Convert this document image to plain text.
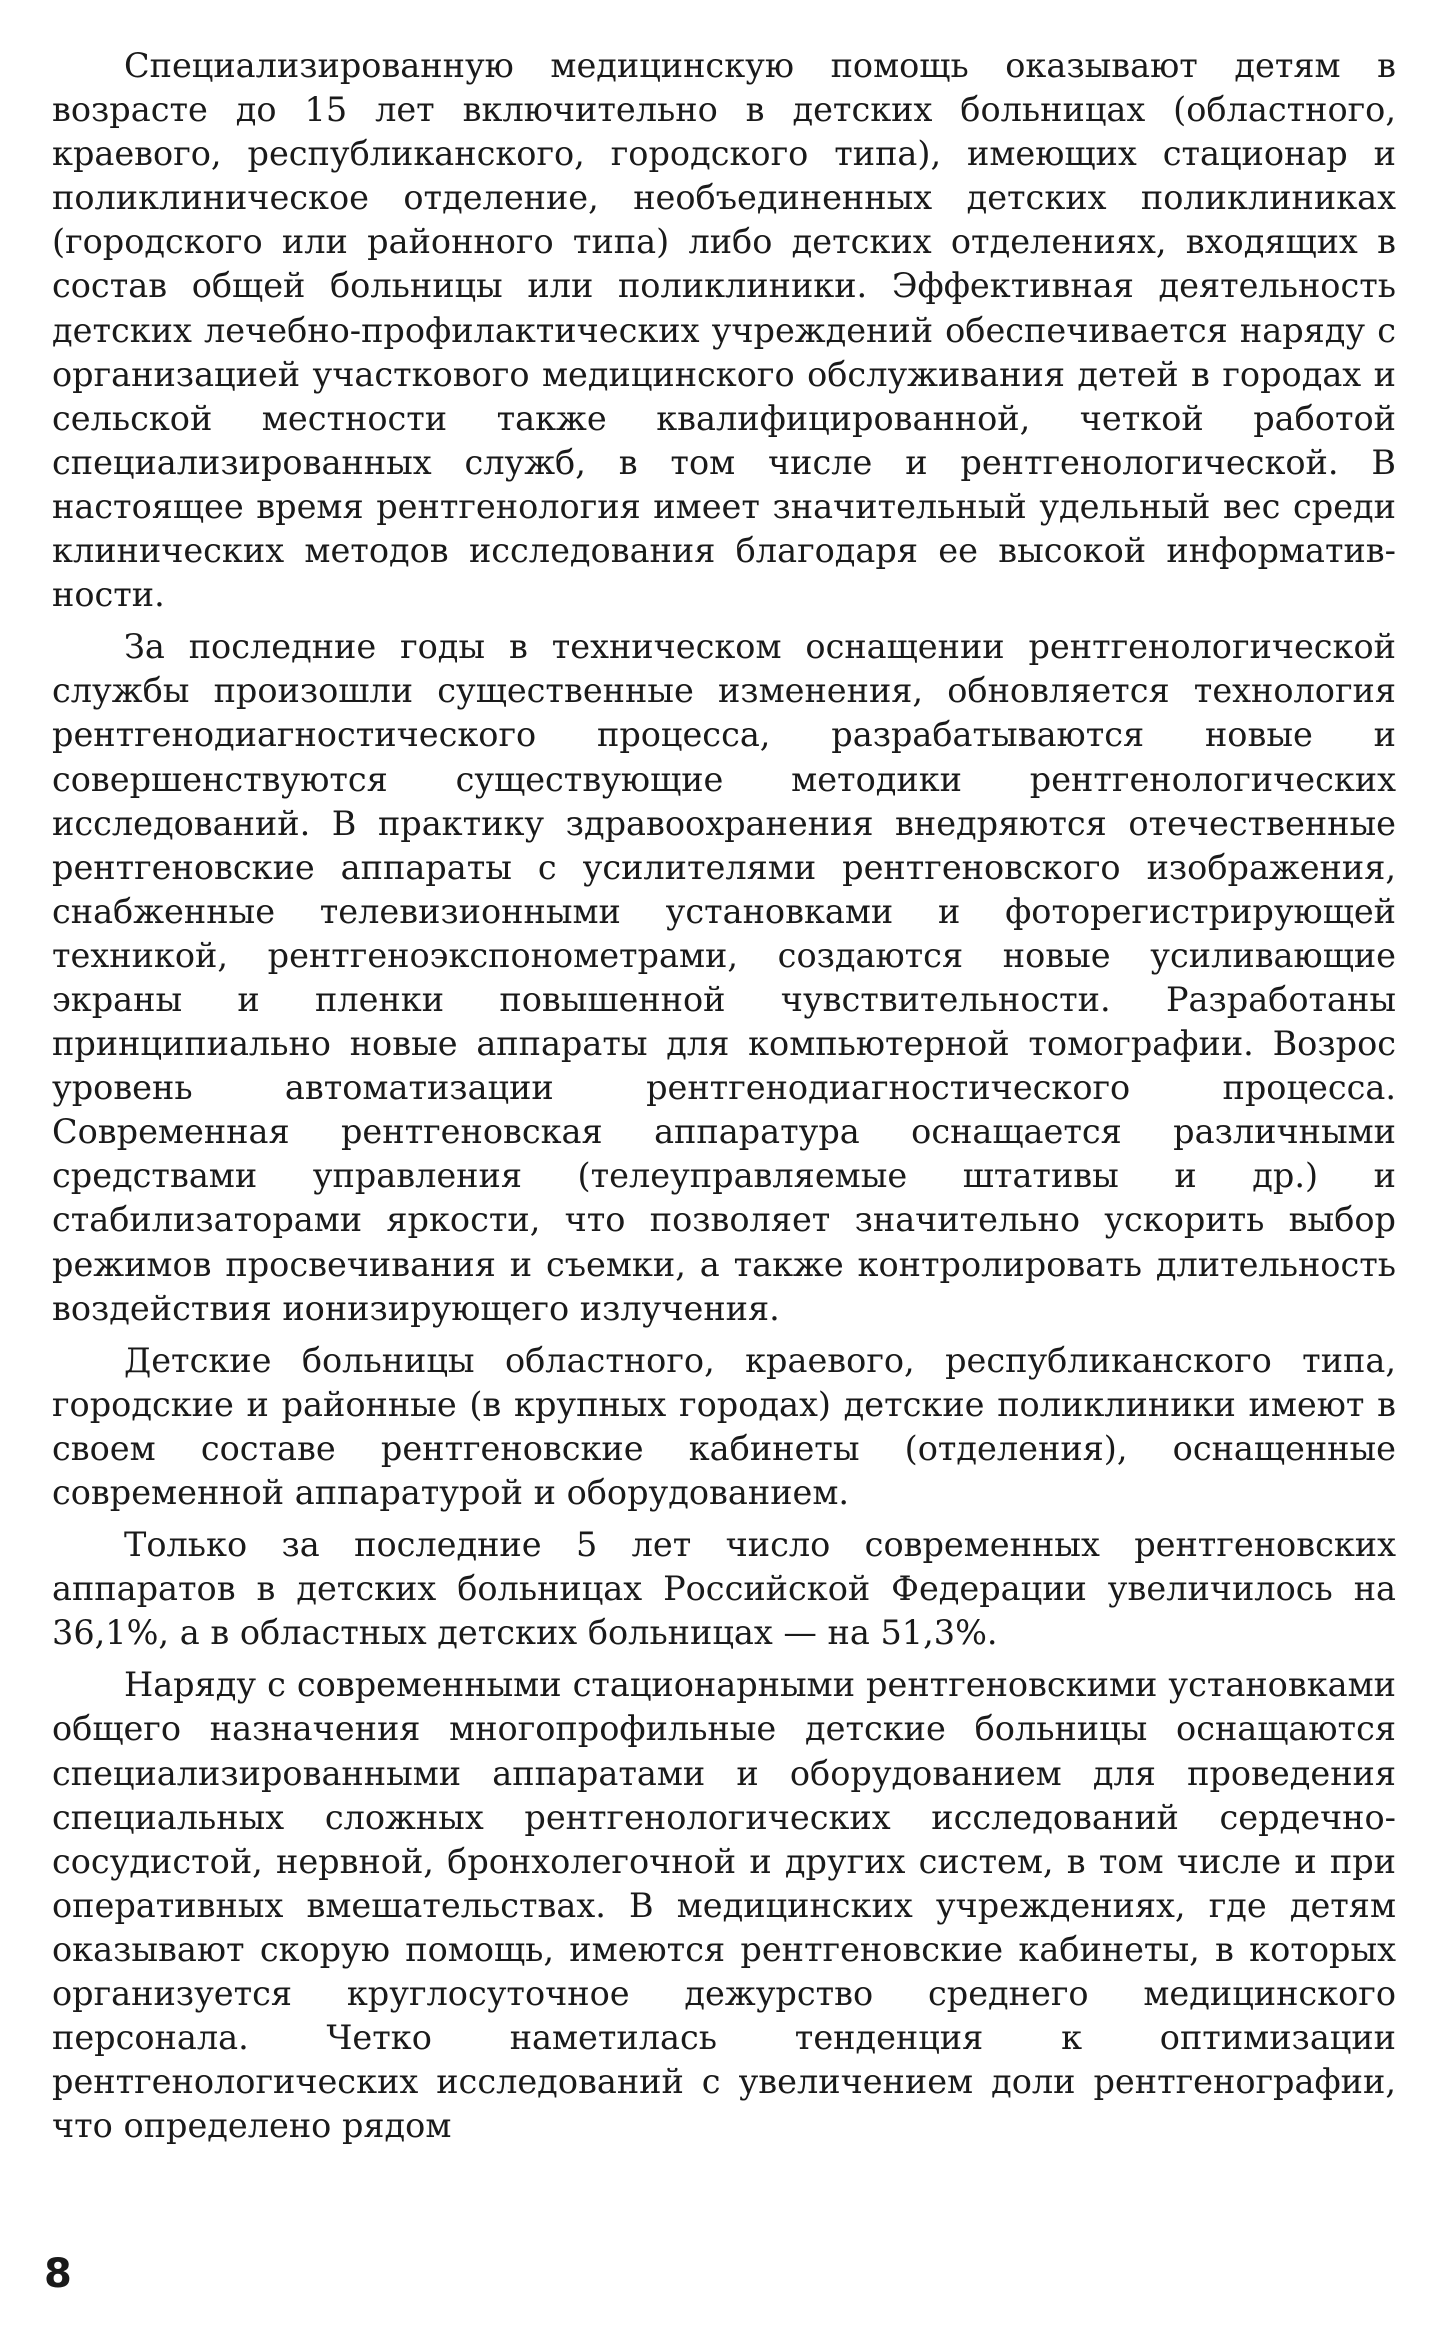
Специализированную медицинскую помощь оказывают детям в возрасте до 15 лет включительно в детских больницах (областного, краевого, республиканского, городского типа), имеющих стационар и поликлиническое отделение, необъединенных детских поликлиниках (городского или районного типа) либо детских отделениях, входящих в состав общей больницы или поликлиники. Эффективная деятельность детских лечебно-профилактических учреждений обеспечивается наряду с организацией участкового медицинского обслуживания детей в городах и сельской местности также квалифицированной, четкой работой специализированных служб, в том числе и рентгенологической. В настоящее время рентгенология имеет значительный удельный вес среди клинических методов исследования благодаря ее высокой информативности.

За последние годы в техническом оснащении рентгенологической службы произошли существенные изменения, обновляется технология рентгенодиагностического процесса, разрабатываются новые и совершенствуются существующие методики рентгенологических исследований. В практику здравоохранения внедряются отечественные рентгеновские аппараты с усилителями рентгеновского изображения, снабженные телевизионными установками и фоторегистрирующей техникой, рентгеноэкспонометрами, создаются новые усиливающие экраны и пленки повышенной чувствительности. Разработаны принципиально новые аппараты для компьютерной томографии. Возрос уровень автоматизации рентгенодиагностического процесса. Современная рентгеновская аппаратура оснащается различными средствами управления (телеуправляемые штативы и др.) и стабилизаторами яркости, что позволяет значительно ускорить выбор режимов просвечивания и съемки, а также контролировать длительность воздействия ионизирующего излучения.

Детские больницы областного, краевого, республиканского типа, городские и районные (в крупных городах) детские поликлиники имеют в своем составе рентгеновские кабинеты (отделения), оснащенные современной аппаратурой и оборудованием.

Только за последние 5 лет число современных рентгеновских аппаратов в детских больницах Российской Федерации увеличилось на 36,1%, а в областных детских больницах — на 51,3%.

Наряду с современными стационарными рентгеновскими установками общего назначения многопрофильные детские больницы оснащаются специализированными аппаратами и оборудованием для проведения специальных сложных рентгенологических исследований сердечно-сосудистой, нервной, бронхолегочной и других систем, в том числе и при оперативных вмешательствах. В медицинских учреждениях, где детям оказывают скорую помощь, имеются рентгеновские кабинеты, в которых организуется круглосуточное дежурство среднего медицинского персонала. Четко наметилась тенденция к оптимизации рентгенологических исследований с увеличением доли рентгенографии, что определено рядом

8
